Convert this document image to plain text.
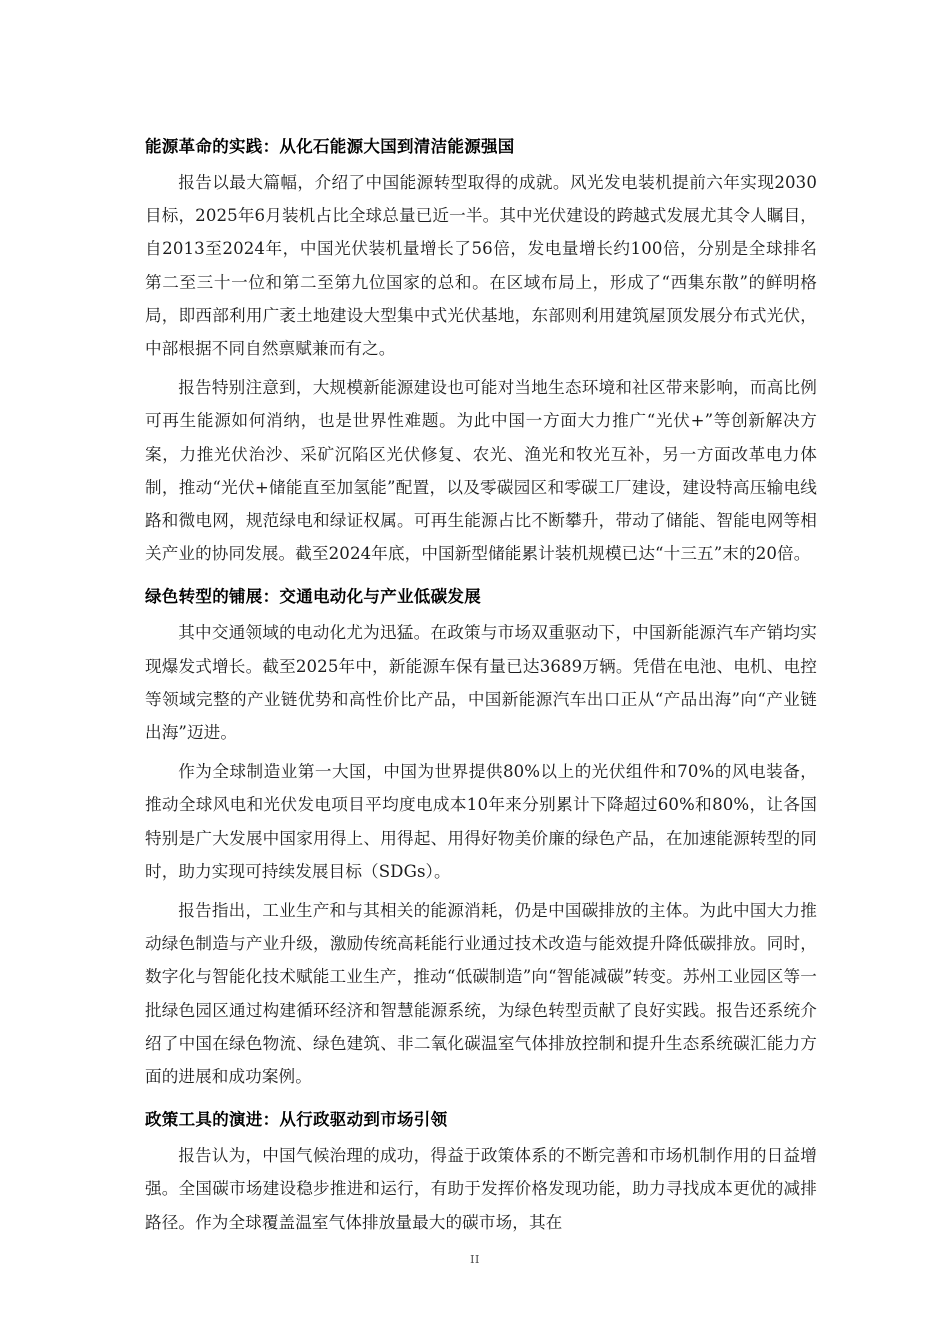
能源革命的实践：从化石能源大国到清洁能源强国

报告以最大篇幅，介绍了中国能源转型取得的成就。风光发电装机提前六年实现2030目标，2025年6月装机占比全球总量已近一半。其中光伏建设的跨越式发展尤其令人瞩目，自2013至2024年，中国光伏装机量增长了56倍，发电量增长约100倍，分别是全球排名第二至三十一位和第二至第九位国家的总和。在区域布局上，形成了“西集东散”的鲜明格局，即西部利用广袤土地建设大型集中式光伏基地，东部则利用建筑屋顶发展分布式光伏，中部根据不同自然禀赋兼而有之。

报告特别注意到，大规模新能源建设也可能对当地生态环境和社区带来影响，而高比例可再生能源如何消纳，也是世界性难题。为此中国一方面大力推广“光伏+”等创新解决方案，力推光伏治沙、采矿沉陷区光伏修复、农光、渔光和牧光互补，另一方面改革电力体制，推动“光伏+储能直至加氢能”配置，以及零碳园区和零碳工厂建设，建设特高压输电线路和微电网，规范绿电和绿证权属。可再生能源占比不断攀升，带动了储能、智能电网等相关产业的协同发展。截至2024年底，中国新型储能累计装机规模已达“十三五”末的20倍。

绿色转型的铺展：交通电动化与产业低碳发展

其中交通领域的电动化尤为迅猛。在政策与市场双重驱动下，中国新能源汽车产销均实现爆发式增长。截至2025年中，新能源车保有量已达3689万辆。凭借在电池、电机、电控等领域完整的产业链优势和高性价比产品，中国新能源汽车出口正从“产品出海”向“产业链出海”迈进。

作为全球制造业第一大国，中国为世界提供80%以上的光伏组件和70%的风电装备，推动全球风电和光伏发电项目平均度电成本10年来分别累计下降超过60%和80%，让各国特别是广大发展中国家用得上、用得起、用得好物美价廉的绿色产品，在加速能源转型的同时，助力实现可持续发展目标（SDGs）。

报告指出，工业生产和与其相关的能源消耗，仍是中国碳排放的主体。为此中国大力推动绿色制造与产业升级，激励传统高耗能行业通过技术改造与能效提升降低碳排放。同时，数字化与智能化技术赋能工业生产，推动“低碳制造”向“智能减碳”转变。苏州工业园区等一批绿色园区通过构建循环经济和智慧能源系统，为绿色转型贡献了良好实践。报告还系统介绍了中国在绿色物流、绿色建筑、非二氧化碳温室气体排放控制和提升生态系统碳汇能力方面的进展和成功案例。

政策工具的演进：从行政驱动到市场引领

报告认为，中国气候治理的成功，得益于政策体系的不断完善和市场机制作用的日益增强。全国碳市场建设稳步推进和运行，有助于发挥价格发现功能，助力寻找成本更优的减排路径。作为全球覆盖温室气体排放量最大的碳市场，其在

II
